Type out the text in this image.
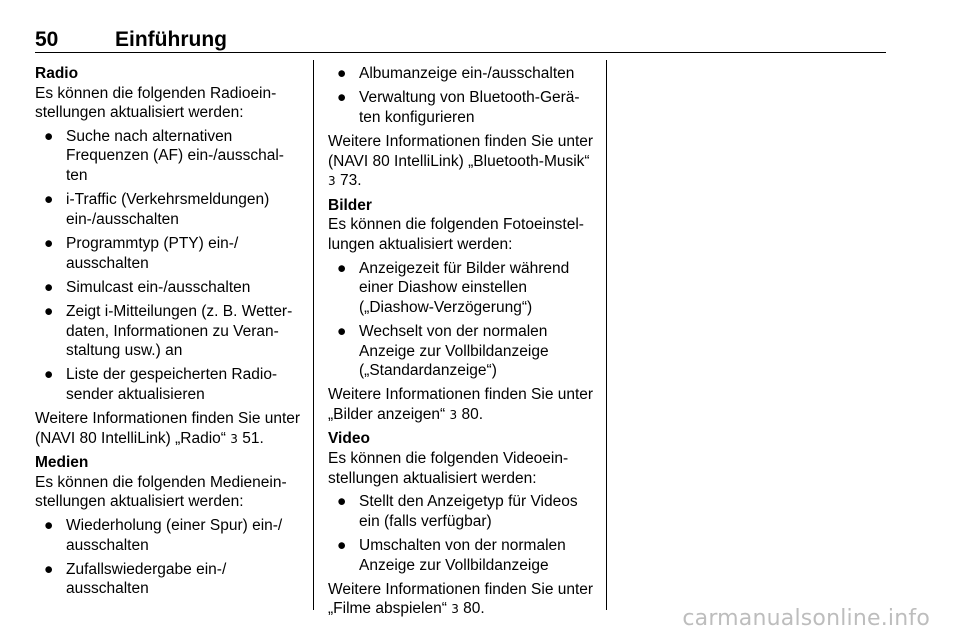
50	Einführung
Radio
Es können die folgenden Radioein-stellungen aktualisiert werden:
● Suche nach alternativen Frequenzen (AF) ein-/ausschal-ten
● i-Traffic (Verkehrsmeldungen) ein-/ausschalten
● Programmtyp (PTY) ein-/ ausschalten
● Simulcast ein-/ausschalten
● Zeigt i-Mitteilungen (z. B. Wetter-daten, Informationen zu Veran-staltung usw.) an
● Liste der gespeicherten Radio-sender aktualisieren
Weitere Informationen finden Sie unter (NAVI 80 IntelliLink) „Radio“ 3 51.
Medien
Es können die folgenden Medienein-stellungen aktualisiert werden:
● Wiederholung (einer Spur) ein-/ ausschalten
● Zufallswiedergabe ein-/ ausschalten
● Albumanzeige ein-/ausschalten
● Verwaltung von Bluetooth-Gerä-ten konfigurieren
Weitere Informationen finden Sie unter (NAVI 80 IntelliLink) „Bluetooth-Musik“ 3 73.
Bilder
Es können die folgenden Fotoeinstel-lungen aktualisiert werden:
● Anzeigezeit für Bilder während einer Diashow einstellen („Diashow-Verzögerung“)
● Wechselt von der normalen Anzeige zur Vollbildanzeige („Standardanzeige“)
Weitere Informationen finden Sie unter „Bilder anzeigen“ 3 80.
Video
Es können die folgenden Videoein-stellungen aktualisiert werden:
● Stellt den Anzeigetyp für Videos ein (falls verfügbar)
● Umschalten von der normalen Anzeige zur Vollbildanzeige
Weitere Informationen finden Sie unter „Filme abspielen“ 3 80.	carmanualsonline.info
